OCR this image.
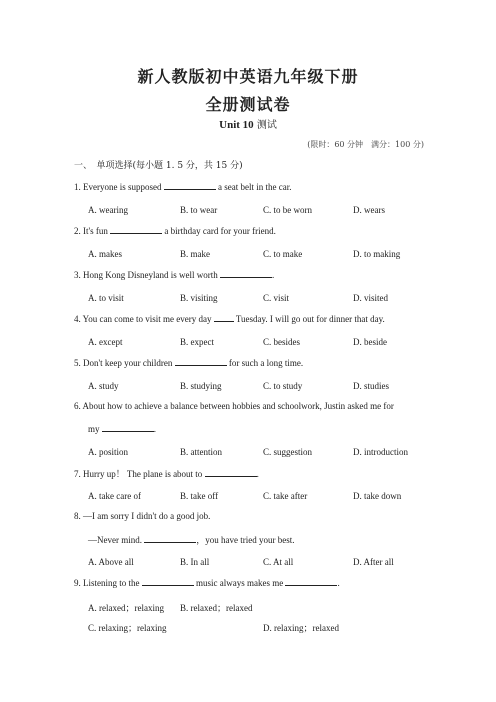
新人教版初中英语九年级下册
全册测试卷
Unit 10 测试
(限时：60 分钟　满分：100 分)
一、　单项选择(每小题 1. 5 分，共 15 分)
1. Everyone is supposed	a seat belt in the car.
A. wearing	B. to wear	C. to be worn	D. wears
2. It's fun	a birthday card for your friend.
A. makes	B. make	C. to make	D. to making
3. Hong Kong Disneyland is well worth	.
A. to visit	B. visiting	C. visit	D. visited
4. You can come to visit me every day  Tuesday. I will go out for dinner that day.
A. except	B. expect	C. besides	D. beside
5. Don't keep your children	for such a long time.
A. study	B. studying	C. to study	D. studies
6. About how to achieve a balance between hobbies and schoolwork, Justin asked me for
my	.
A. position	B. attention	C. suggestion	D. introduction
7. Hurry up！ The plane is about to	.
A. take care of	B. take off	C. take after	D. take down
8. —I am sorry I didn't do a good job.
—Never mind.	，you have tried your best.
A. Above all	B. In all	C. At all	D. After all
9. Listening to the	music always makes me	.
A. relaxed；relaxing B. relaxed；relaxed
C. relaxing；relaxing	D. relaxing；relaxed
